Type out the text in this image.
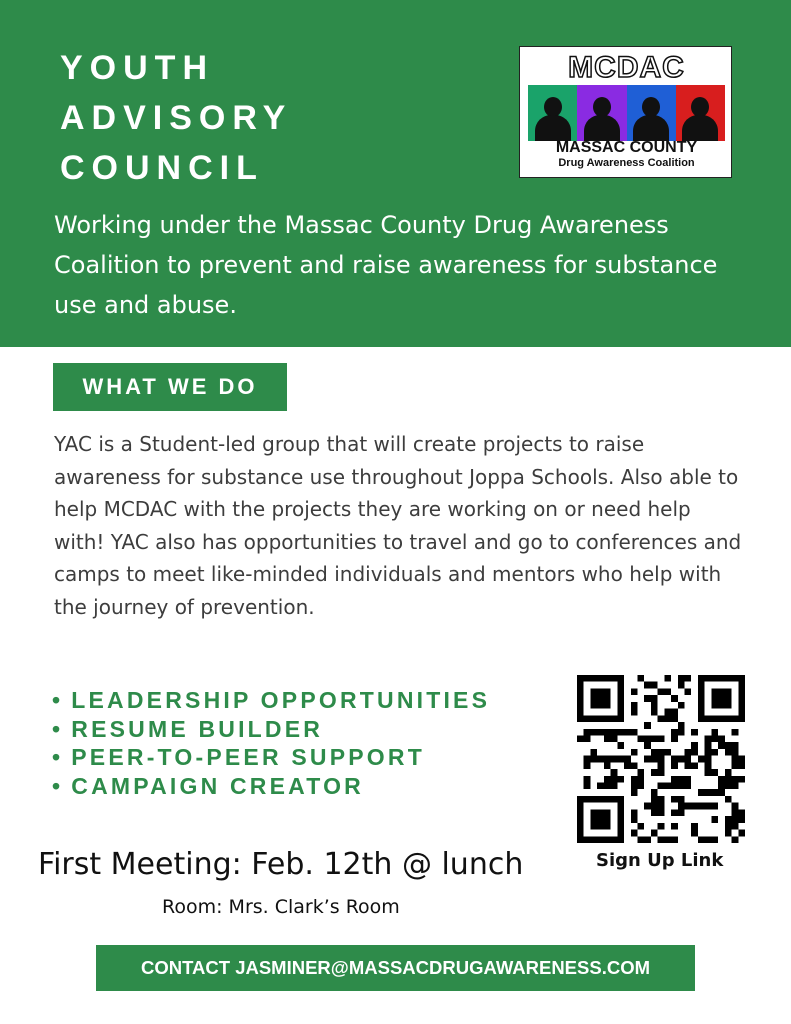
YOUTH
ADVISORY
COUNCIL
Working under the Massac County Drug Awareness Coalition to prevent and raise awareness for substance use and abuse.
MCDAC
MASSAC COUNTY
Drug Awareness Coalition
WHAT WE DO
YAC is a Student-led group that will create projects to raise awareness for substance use throughout Joppa Schools. Also able to help MCDAC with the projects they are working on or need help with! YAC also has opportunities to travel and go to conferences and camps to meet like-minded individuals and mentors who help with the journey of prevention.
• LEADERSHIP OPPORTUNITIES
• RESUME BUILDER
• PEER-TO-PEER SUPPORT
• CAMPAIGN CREATOR
Sign Up Link
First Meeting: Feb. 12th @ lunch
Room: Mrs. Clark’s Room
CONTACT JASMINER@MASSACDRUGAWARENESS.COM
